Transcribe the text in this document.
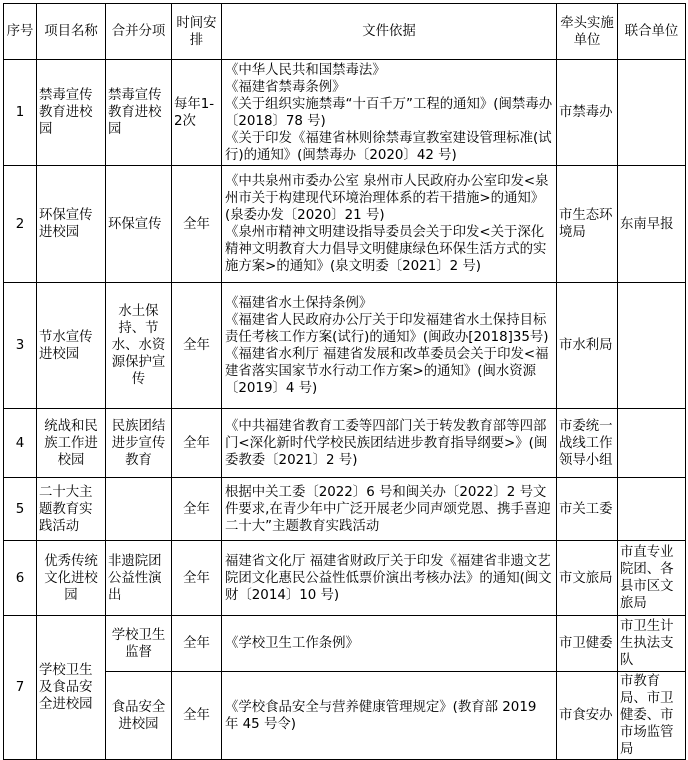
序号	项目名称	合并分项	时间安排	文件依据	牵头实施单位	联合单位
1	禁毒宣传教育进校园	禁毒宣传教育进校园	每年1-2次	《中华人民共和国禁毒法》
《福建省禁毒条例》
《关于组织实施禁毒“十百千万”工程的通知》(闽禁毒办〔2018〕78 号)
《关于印发《福建省林则徐禁毒宣教室建设管理标准(试行)的通知》(闽禁毒办〔2020〕42 号)	市禁毒办	
2	环保宣传进校园	环保宣传	全年	《中共泉州市委办公室 泉州市人民政府办公室印发<泉州市关于构建现代环境治理体系的若干措施>的通知》(泉委办发〔2020〕21 号)
《泉州市精神文明建设指导委员会关于印发<关于深化精神文明教育大力倡导文明健康绿色环保生活方式的实施方案>的通知》(泉文明委〔2021〕2 号)	市生态环境局	东南早报
3	节水宣传进校园	水土保持、节水、水资源保护宣传	全年	《福建省水土保持条例》
《福建省人民政府办公厅关于印发福建省水土保持目标责任考核工作方案(试行)的通知》(闽政办[2018]35号)
《福建省水利厅 福建省发展和改革委员会关于印发<福建省落实国家节水行动工作方案>的通知》(闽水资源〔2019〕4 号)	市水利局	
4	统战和民族工作进校园	民族团结进步宣传教育	全年	《中共福建省教育工委等四部门关于转发教育部等四部门<深化新时代学校民族团结进步教育指导纲要>》(闽委教委〔2021〕2 号)	市委统一战线工作领导小组	
5	二十大主题教育实践活动		全年	根据中关工委〔2022〕6 号和闽关办〔2022〕2 号文件要求,在青少年中广泛开展老少同声颂党恩、携手喜迎二十大”主题教育实践活动	市关工委	
6	优秀传统文化进校园	非遗院团公益性演出	全年	福建省文化厅 福建省财政厅关于印发《福建省非遗文艺院团文化惠民公益性低票价演出考核办法》的通知(闽文财〔2014〕10 号)	市文旅局	市直专业院团、各县市区文旅局
7	学校卫生及食品安全进校园	学校卫生监督	全年	《学校卫生工作条例》	市卫健委	市卫生计生执法支队
		食品安全进校园	全年	《学校食品安全与营养健康管理规定》(教育部 2019 年 45 号令)	市食安办	市教育局、市卫健委、市市场监管局
